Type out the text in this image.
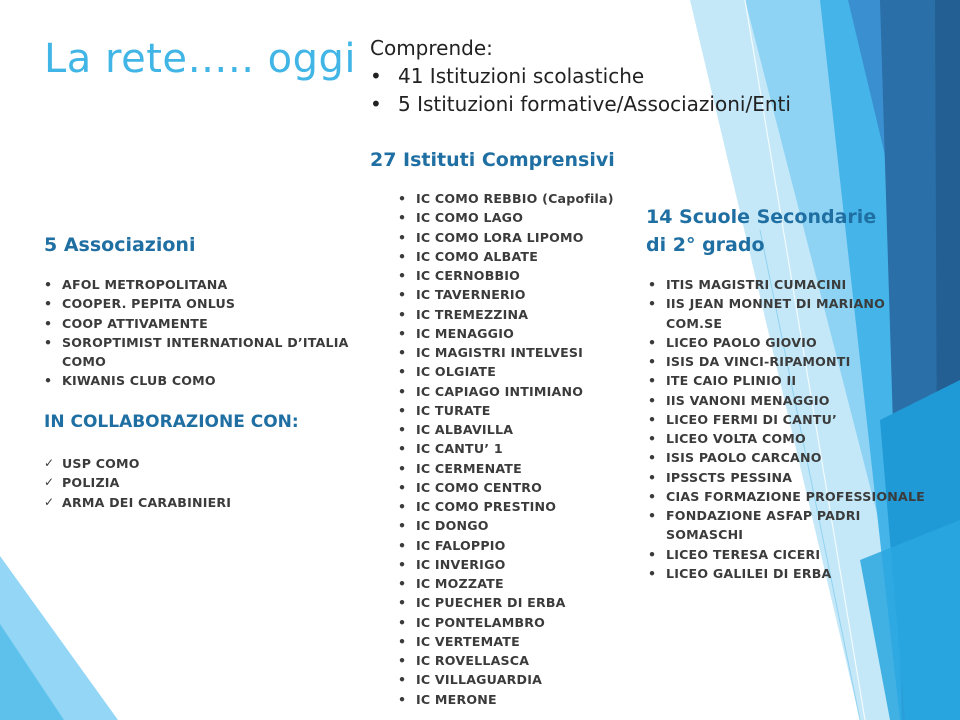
La rete….. oggi Comprende:
• 41 Istituzioni scolastiche
• 5 Istituzioni formative/Associazioni/Enti
5 Associazioni
• AFOL METROPOLITANA
• COOPER. PEPITA ONLUS
• COOP ATTIVAMENTE
• SOROPTIMIST INTERNATIONAL D’ITALIA COMO
• KIWANIS CLUB COMO
IN COLLABORAZIONE CON:
✓ USP COMO
✓ POLIZIA
✓ ARMA DEI CARABINIERI
27 Istituti Comprensivi
• IC COMO REBBIO (Capofila)
• IC COMO LAGO
• IC COMO LORA LIPOMO
• IC COMO ALBATE
• IC CERNOBBIO
• IC TAVERNERIO
• IC TREMEZZINA
• IC MENAGGIO
• IC MAGISTRI INTELVESI
• IC OLGIATE
• IC CAPIAGO INTIMIANO
• IC TURATE
• IC ALBAVILLA
• IC CANTU’ 1
• IC CERMENATE
• IC COMO CENTRO
• IC COMO PRESTINO
• IC DONGO
• IC FALOPPIO
• IC INVERIGO
• IC MOZZATE
• IC PUECHER DI ERBA
• IC PONTELAMBRO
• IC VERTEMATE
• IC ROVELLASCA
• IC VILLAGUARDIA
• IC MERONE
14 Scuole Secondarie
di 2° grado
• ITIS MAGISTRI CUMACINI
• IIS JEAN MONNET DI MARIANO COM.SE
• LICEO PAOLO GIOVIO
• ISIS DA VINCI-RIPAMONTI
• ITE CAIO PLINIO II
• IIS VANONI MENAGGIO
• LICEO FERMI DI CANTU’
• LICEO VOLTA COMO
• ISIS PAOLO CARCANO
• IPSSCTS PESSINA
• CIAS FORMAZIONE PROFESSIONALE
• FONDAZIONE ASFAP PADRI SOMASCHI
• LICEO TERESA CICERI
• LICEO GALILEI DI ERBA
